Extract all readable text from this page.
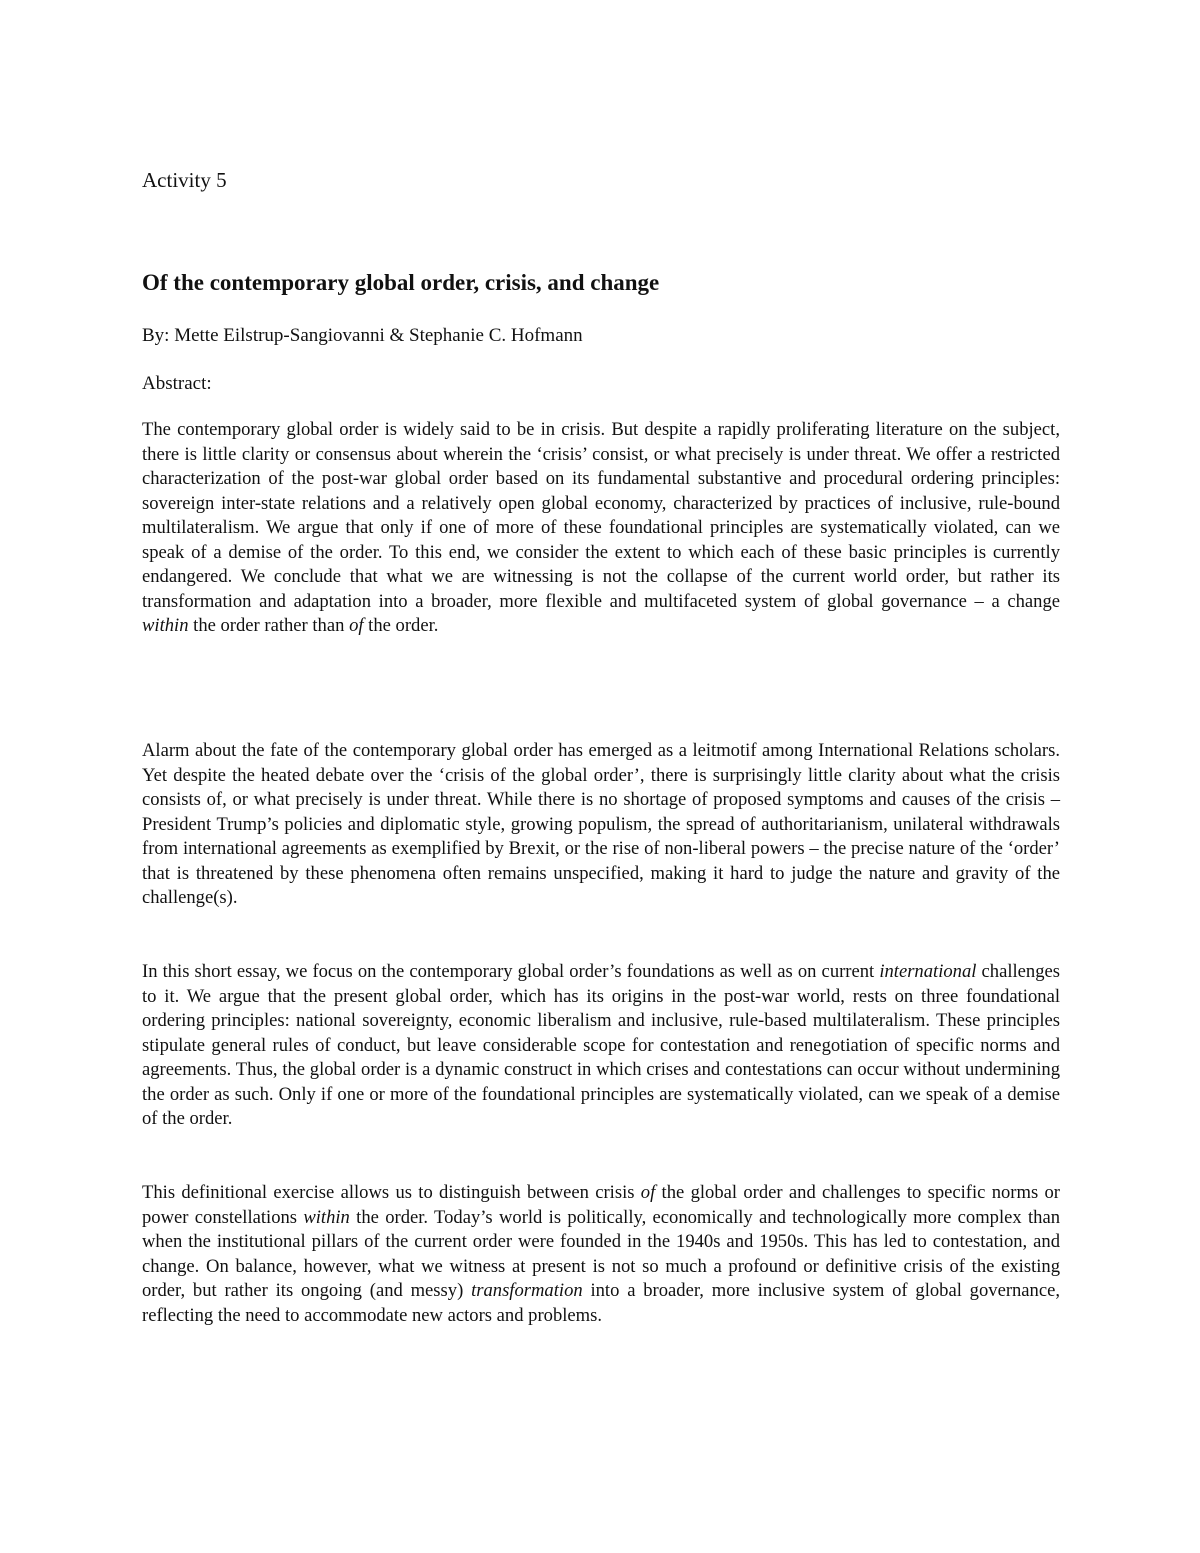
Activity 5
Of the contemporary global order, crisis, and change
By: Mette Eilstrup-Sangiovanni & Stephanie C. Hofmann
Abstract:

The contemporary global order is widely said to be in crisis. But despite a rapidly proliferating literature on the subject, there is little clarity or consensus about wherein the ‘crisis’ consist, or what precisely is under threat. We offer a restricted characterization of the post-war global order based on its fundamental substantive and procedural ordering principles: sovereign inter-state relations and a relatively open global economy, characterized by practices of inclusive, rule-bound multilateralism. We argue that only if one of more of these foundational principles are systematically violated, can we speak of a demise of the order. To this end, we consider the extent to which each of these basic principles is currently endangered. We conclude that what we are witnessing is not the collapse of the current world order, but rather its transformation and adaptation into a broader, more flexible and multifaceted system of global governance – a change within the order rather than of the order.

Alarm about the fate of the contemporary global order has emerged as a leitmotif among International Relations scholars. Yet despite the heated debate over the ‘crisis of the global order’, there is surprisingly little clarity about what the crisis consists of, or what precisely is under threat. While there is no shortage of proposed symptoms and causes of the crisis – President Trump’s policies and diplomatic style, growing populism, the spread of authoritarianism, unilateral withdrawals from international agreements as exemplified by Brexit, or the rise of non-liberal powers – the precise nature of the ‘order’ that is threatened by these phenomena often remains unspecified, making it hard to judge the nature and gravity of the challenge(s).

In this short essay, we focus on the contemporary global order’s foundations as well as on current international challenges to it. We argue that the present global order, which has its origins in the post-war world, rests on three foundational ordering principles: national sovereignty, economic liberalism and inclusive, rule-based multilateralism. These principles stipulate general rules of conduct, but leave considerable scope for contestation and renegotiation of specific norms and agreements. Thus, the global order is a dynamic construct in which crises and contestations can occur without undermining the order as such. Only if one or more of the foundational principles are systematically violated, can we speak of a demise of the order.

This definitional exercise allows us to distinguish between crisis of the global order and challenges to specific norms or power constellations within the order. Today’s world is politically, economically and technologically more complex than when the institutional pillars of the current order were founded in the 1940s and 1950s. This has led to contestation, and change. On balance, however, what we witness at present is not so much a profound or definitive crisis of the existing order, but rather its ongoing (and messy) transformation into a broader, more inclusive system of global governance, reflecting the need to accommodate new actors and problems.
